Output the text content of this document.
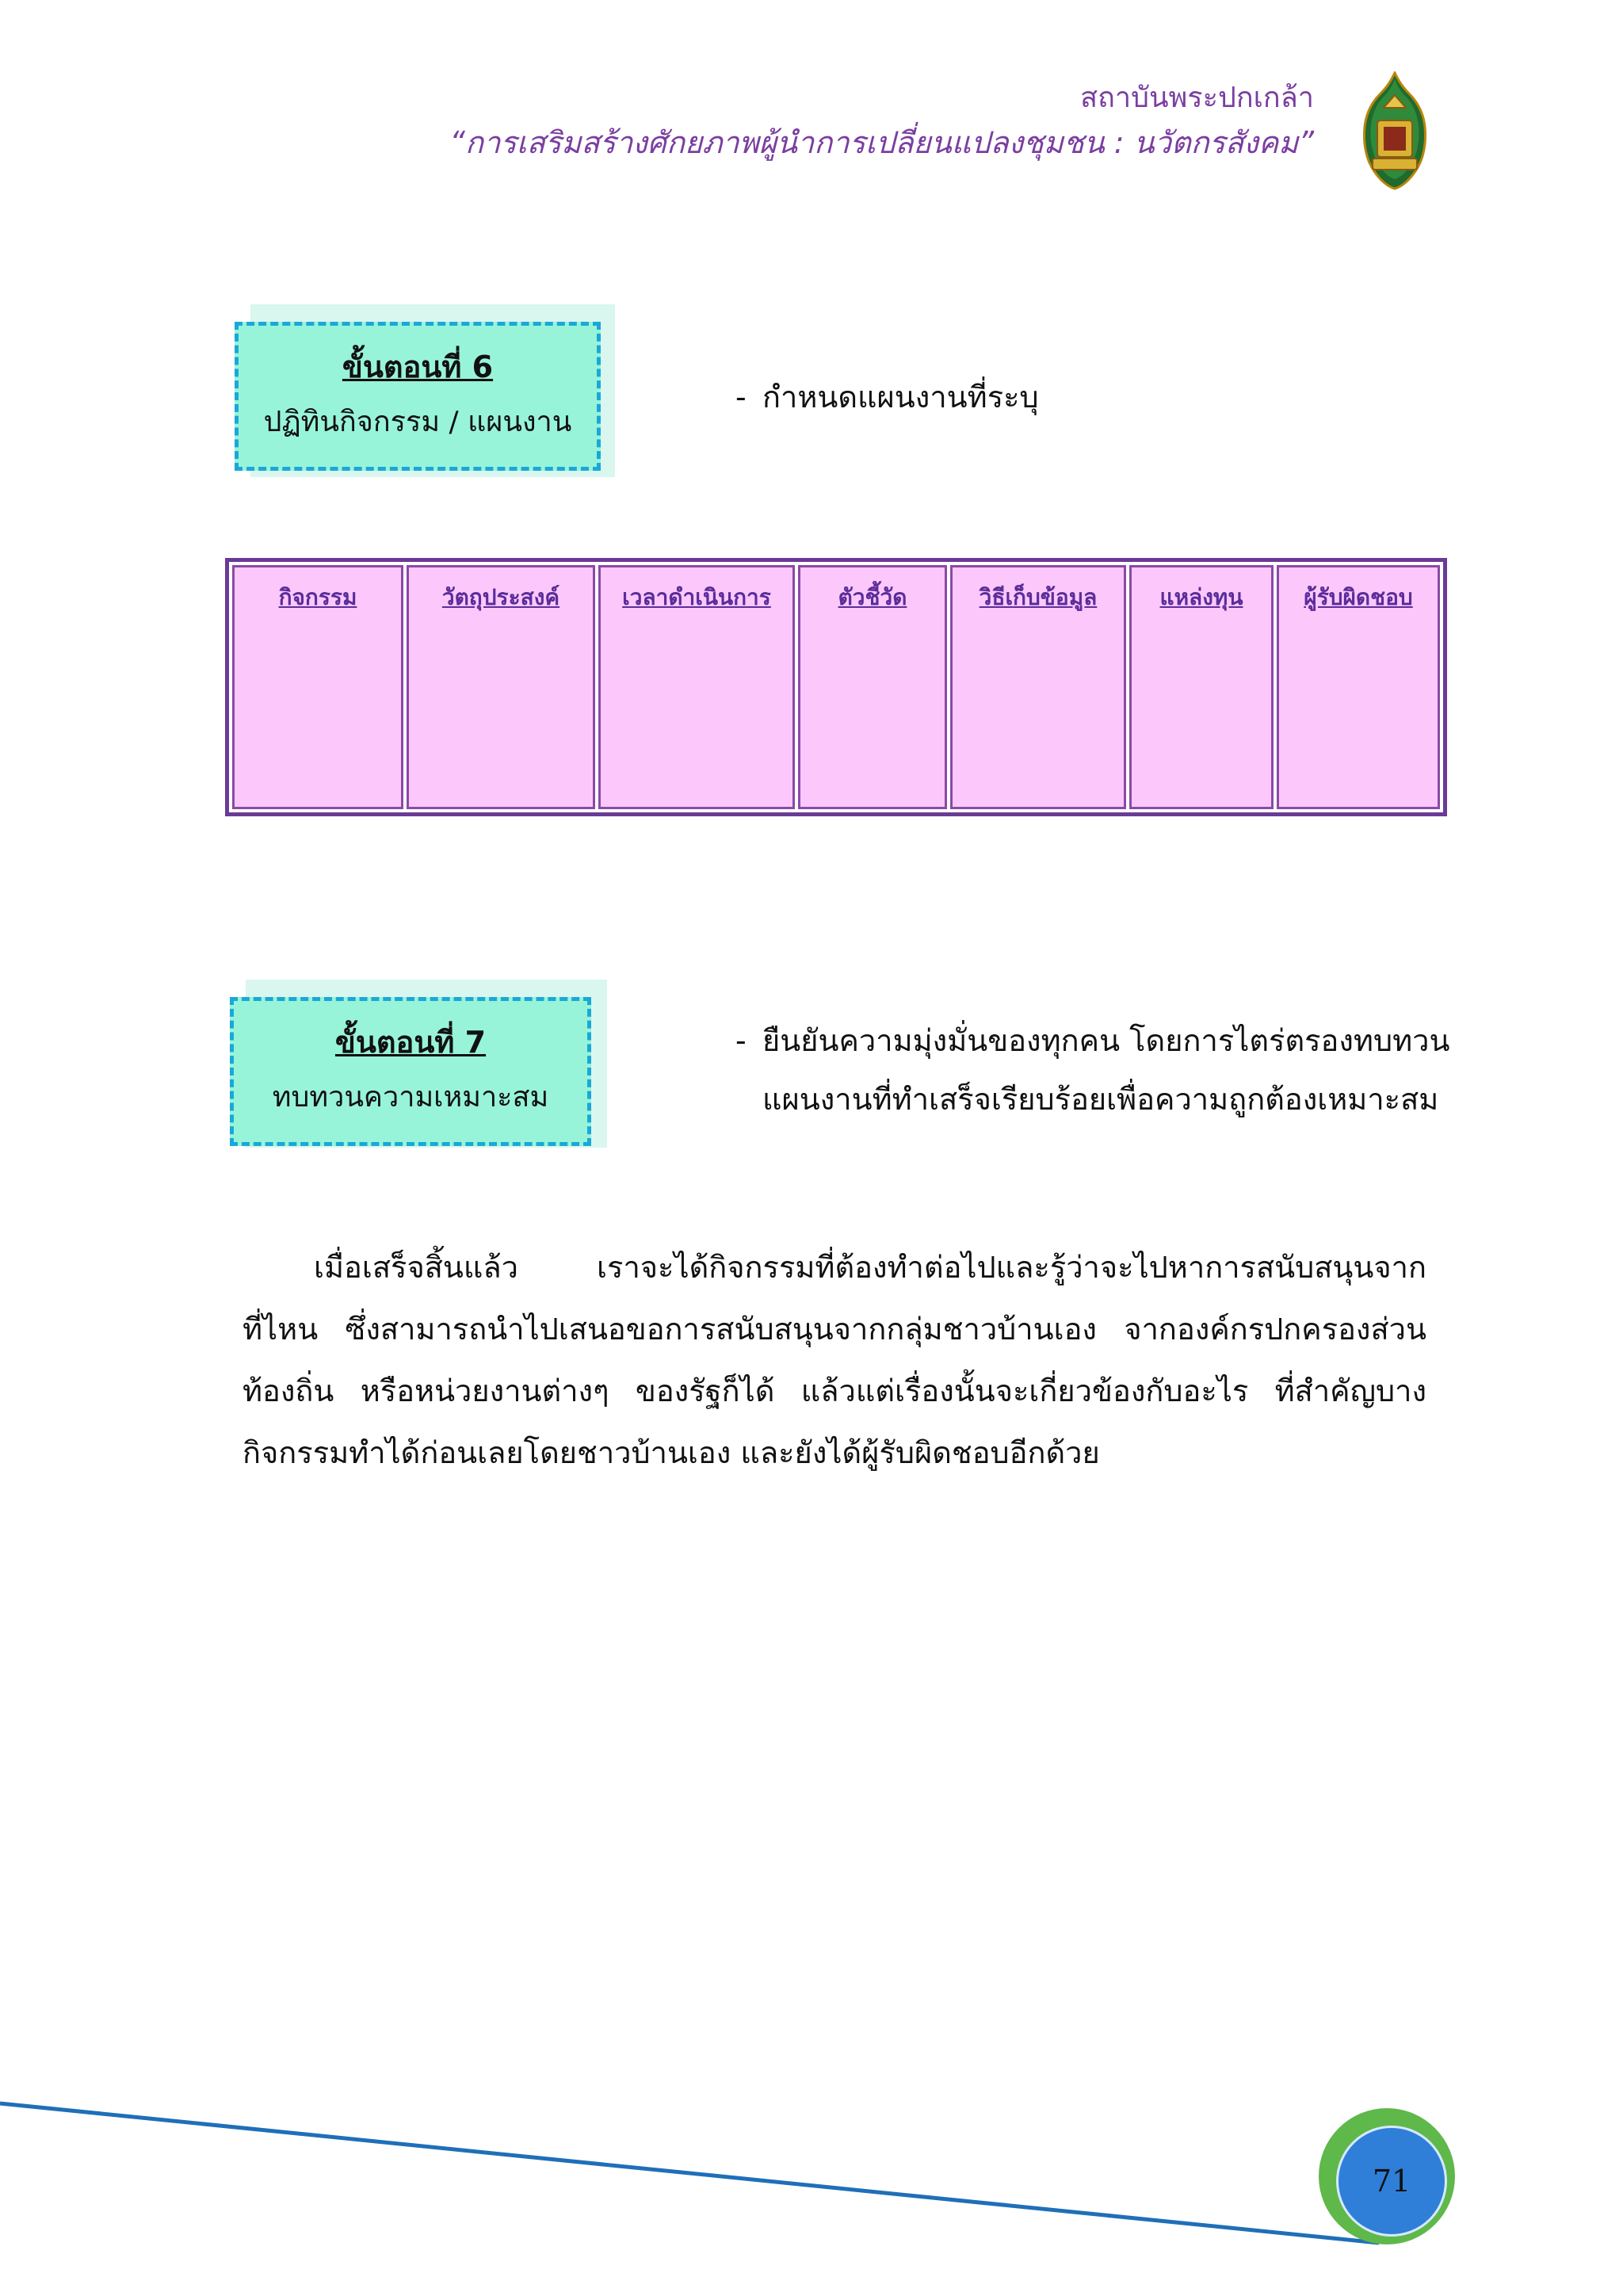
สถาบันพระปกเกล้า
“การเสริมสร้างศักยภาพผู้นำการเปลี่ยนแปลงชุมชน : นวัตกรสังคม”
ขั้นตอนที่ 6
ปฏิทินกิจกรรม / แผนงาน
- กำหนดแผนงานที่ระบุ
กิจกรรม	วัตถุประสงค์	เวลาดำเนินการ	ตัวชี้วัด	วิธีเก็บข้อมูล	แหล่งทุน	ผู้รับผิดชอบ
ขั้นตอนที่ 7
ทบทวนความเหมาะสม
- ยืนยันความมุ่งมั่นของทุกคน โดยการไตร่ตรองทบทวน
แผนงานที่ทำเสร็จเรียบร้อยเพื่อความถูกต้องเหมาะสม
เมื่อเสร็จสิ้นแล้ว เราจะได้กิจกรรมที่ต้องทำต่อไปและรู้ว่าจะไปหาการสนับสนุนจากที่ไหน ซึ่งสามารถนำไปเสนอขอการสนับสนุนจากกลุ่มชาวบ้านเอง จากองค์กรปกครองส่วนท้องถิ่น หรือหน่วยงานต่างๆ ของรัฐก็ได้ แล้วแต่เรื่องนั้นจะเกี่ยวข้องกับอะไร ที่สำคัญบางกิจกรรมทำได้ก่อนเลยโดยชาวบ้านเอง และยังได้ผู้รับผิดชอบอีกด้วย
71
